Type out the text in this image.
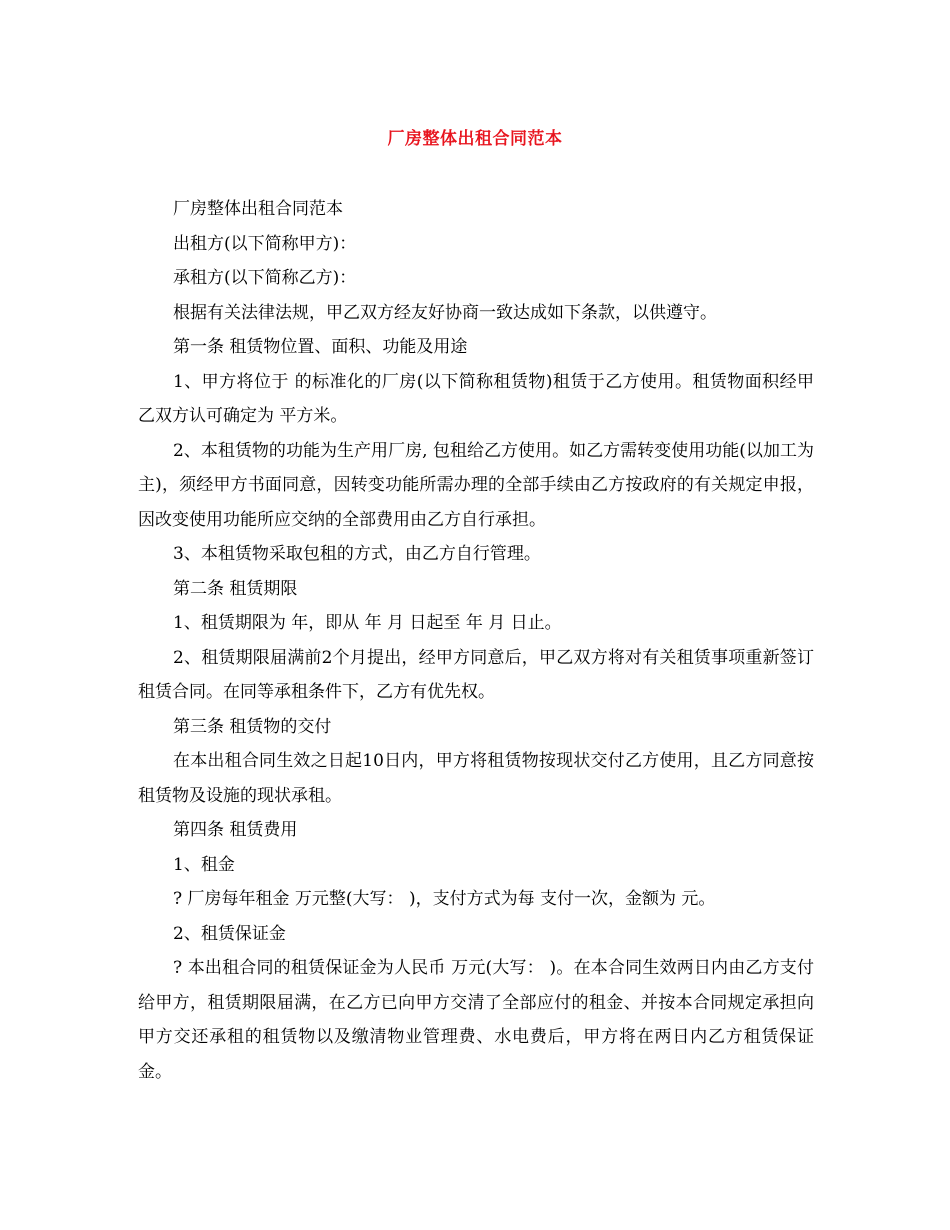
厂房整体出租合同范本

厂房整体出租合同范本

出租方(以下简称甲方)：

承租方(以下简称乙方)：

根据有关法律法规，甲乙双方经友好协商一致达成如下条款，以供遵守。

第一条 租赁物位置、面积、功能及用途

1、甲方将位于 的标准化的厂房(以下简称租赁物)租赁于乙方使用。租赁物面积经甲乙双方认可确定为 平方米。

2、本租赁物的功能为生产用厂房, 包租给乙方使用。如乙方需转变使用功能(以加工为主)，须经甲方书面同意，因转变功能所需办理的全部手续由乙方按政府的有关规定申报，因改变使用功能所应交纳的全部费用由乙方自行承担。

3、本租赁物采取包租的方式，由乙方自行管理。

第二条 租赁期限

1、租赁期限为 年，即从 年 月 日起至 年 月 日止。

2、租赁期限届满前2个月提出，经甲方同意后，甲乙双方将对有关租赁事项重新签订租赁合同。在同等承租条件下，乙方有优先权。

第三条 租赁物的交付

在本出租合同生效之日起10日内，甲方将租赁物按现状交付乙方使用，且乙方同意按租赁物及设施的现状承租。

第四条 租赁费用

1、租金

? 厂房每年租金 万元整(大写： )，支付方式为每 支付一次，金额为 元。

2、租赁保证金

? 本出租合同的租赁保证金为人民币 万元(大写： )。在本合同生效两日内由乙方支付给甲方，租赁期限届满，在乙方已向甲方交清了全部应付的租金、并按本合同规定承担向甲方交还承租的租赁物以及缴清物业管理费、水电费后，甲方将在两日内乙方租赁保证金。
